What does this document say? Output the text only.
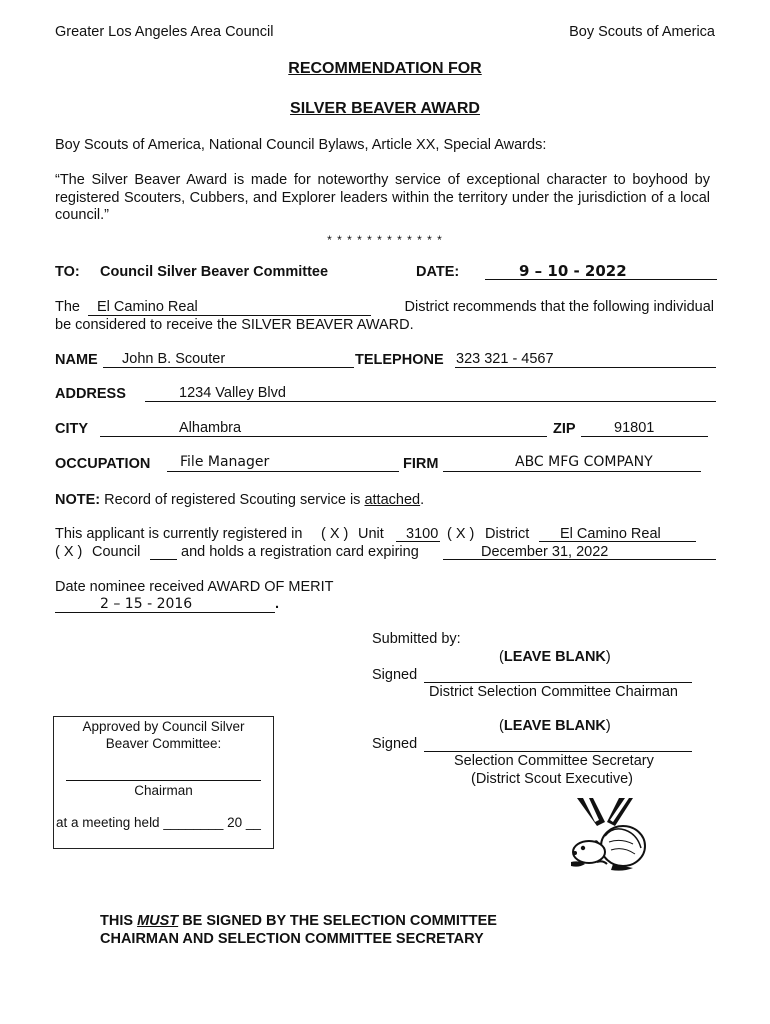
Greater Los Angeles Area Council	Boy Scouts of America
RECOMMENDATION FOR
SILVER BEAVER AWARD
Boy Scouts of America, National Council Bylaws, Article XX, Special Awards:
“The Silver Beaver Award is made for noteworthy service of exceptional character to boyhood by registered Scouters, Cubbers, and Explorer leaders within the territory under the jurisdiction of a local council.”
* * * * * * * * * * * *
TO: Council Silver Beaver Committee	DATE:	9 – 10 - 2022
The El Camino Real	District recommends that the following individual
be considered to receive the SILVER BEAVER AWARD.
NAME John B. Scouter	TELEPHONE 323 321 - 4567
ADDRESS	1234 Valley Blvd
CITY	Alhambra	ZIP	91801
OCCUPATION File Manager	FIRM	ABC MFG COMPANY
NOTE: Record of registered Scouting service is attached.
This applicant is currently registered in ( X ) Unit 3100 ( X ) District El Camino Real
( X ) Council	and holds a registration card expiring	December 31, 2022
Date nominee received AWARD OF MERIT
2 – 15 - 2016	.
Submitted by:
(LEAVE BLANK)
Signed
District Selection Committee Chairman
(LEAVE BLANK)
Signed
Selection Committee Secretary
(District Scout Executive)
Approved by Council Silver
Beaver Committee:
Chairman
at a meeting held ________ 20 __
THIS MUST BE SIGNED BY THE SELECTION COMMITTEE
CHAIRMAN AND SELECTION COMMITTEE SECRETARY
